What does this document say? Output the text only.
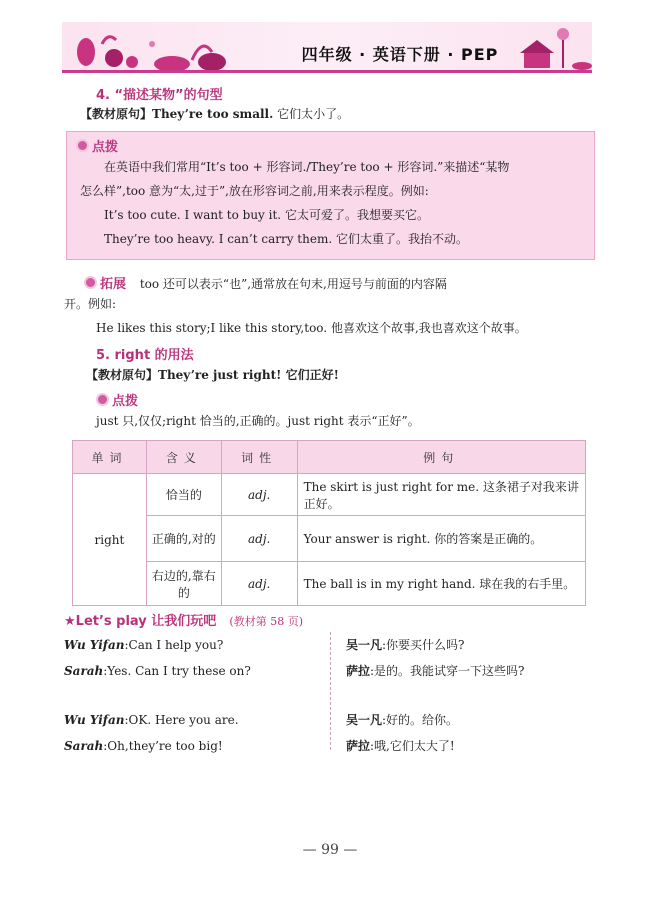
四年级 · 英语下册 · PEP
4. “描述某物”的句型
【教材原句】They’re too small. 它们太小了。
点拨
在英语中我们常用“It’s too + 形容词./They’re too + 形容词.”来描述“某物
怎么样”,too 意为“太,过于”,放在形容词之前,用来表示程度。例如:
It’s too cute. I want to buy it. 它太可爱了。我想要买它。
They’re too heavy. I can’t carry them. 它们太重了。我抬不动。
拓展 too 还可以表示“也”,通常放在句末,用逗号与前面的内容隔
开。例如:
He likes this story;I like this story,too. 他喜欢这个故事,我也喜欢这个故事。
5. right 的用法
【教材原句】They’re just right! 它们正好!
点拨
just 只,仅仅;right 恰当的,正确的。just right 表示“正好”。
单词	含义	词性	例句
right	恰当的	adj.	The skirt is just right for me. 这条裙子对我来讲正好。
	正确的,对的	adj.	Your answer is right. 你的答案是正确的。
	右边的,靠右的	adj.	The ball is in my right hand. 球在我的右手里。
★Let’s play 让我们玩吧 (教材第 58 页)
Wu Yifan:Can I help you?	吴一凡:你要买什么吗?
Sarah:Yes. Can I try these on?	萨拉:是的。我能试穿一下这些吗?
Wu Yifan:OK. Here you are.	吴一凡:好的。给你。
Sarah:Oh,they’re too big!	萨拉:哦,它们太大了!
— 99 —
